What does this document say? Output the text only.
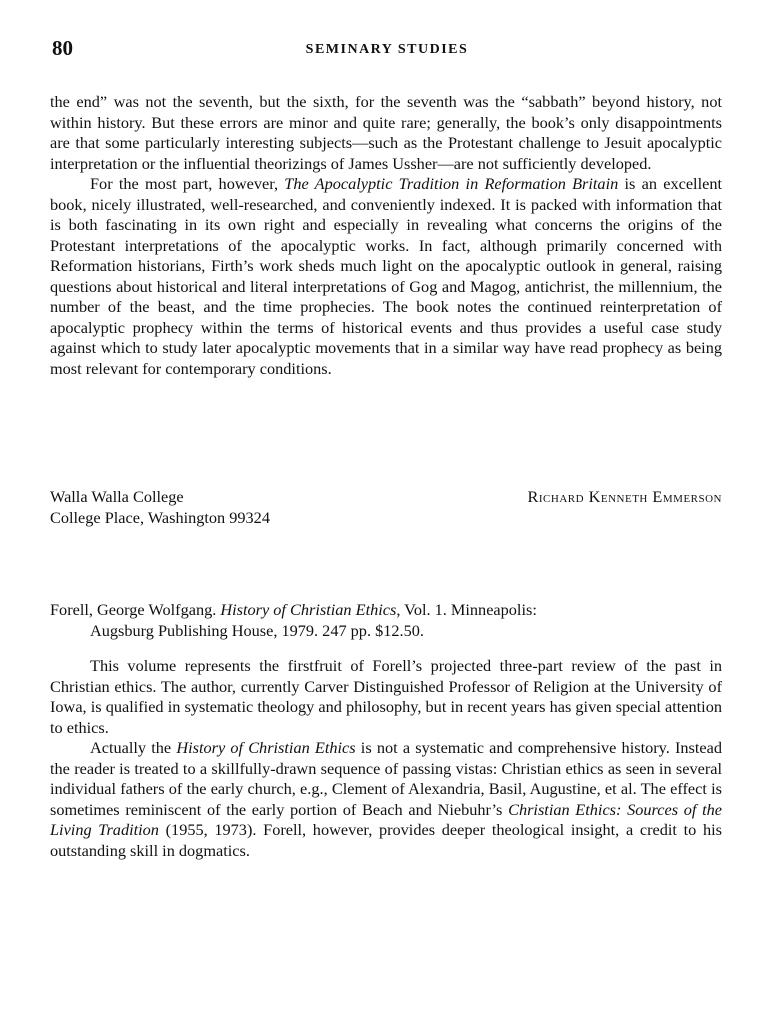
80	SEMINARY STUDIES

the end” was not the seventh, but the sixth, for the seventh was the “sabbath” beyond history, not within history. But these errors are minor and quite rare; generally, the book’s only disappointments are that some particularly interesting subjects—such as the Protestant challenge to Jesuit apocalyptic interpretation or the influential theorizings of James Ussher—are not sufficiently developed.

For the most part, however, The Apocalyptic Tradition in Reformation Britain is an excellent book, nicely illustrated, well-researched, and conveniently indexed. It is packed with information that is both fascinating in its own right and especially in revealing what concerns the origins of the Protestant interpretations of the apocalyptic works. In fact, although primarily concerned with Reformation historians, Firth’s work sheds much light on the apocalyptic outlook in general, raising questions about historical and literal interpretations of Gog and Magog, antichrist, the millennium, the number of the beast, and the time prophecies. The book notes the continued reinterpretation of apocalyptic prophecy within the terms of historical events and thus provides a useful case study against which to study later apocalyptic movements that in a similar way have read prophecy as being most relevant for contemporary conditions.

Walla Walla College
College Place, Washington 99324
Richard Kenneth Emmerson
Forell, George Wolfgang. History of Christian Ethics, Vol. 1. Minneapolis:
Augsburg Publishing House, 1979. 247 pp. $12.50.

This volume represents the firstfruit of Forell’s projected three-part review of the past in Christian ethics. The author, currently Carver Distinguished Professor of Religion at the University of Iowa, is qualified in systematic theology and philosophy, but in recent years has given special attention to ethics.

Actually the History of Christian Ethics is not a systematic and comprehensive history. Instead the reader is treated to a skillfully-drawn sequence of passing vistas: Christian ethics as seen in several individual fathers of the early church, e.g., Clement of Alexandria, Basil, Augustine, et al. The effect is sometimes reminiscent of the early portion of Beach and Niebuhr’s Christian Ethics: Sources of the Living Tradition (1955, 1973). Forell, however, provides deeper theological insight, a credit to his outstanding skill in dogmatics.
